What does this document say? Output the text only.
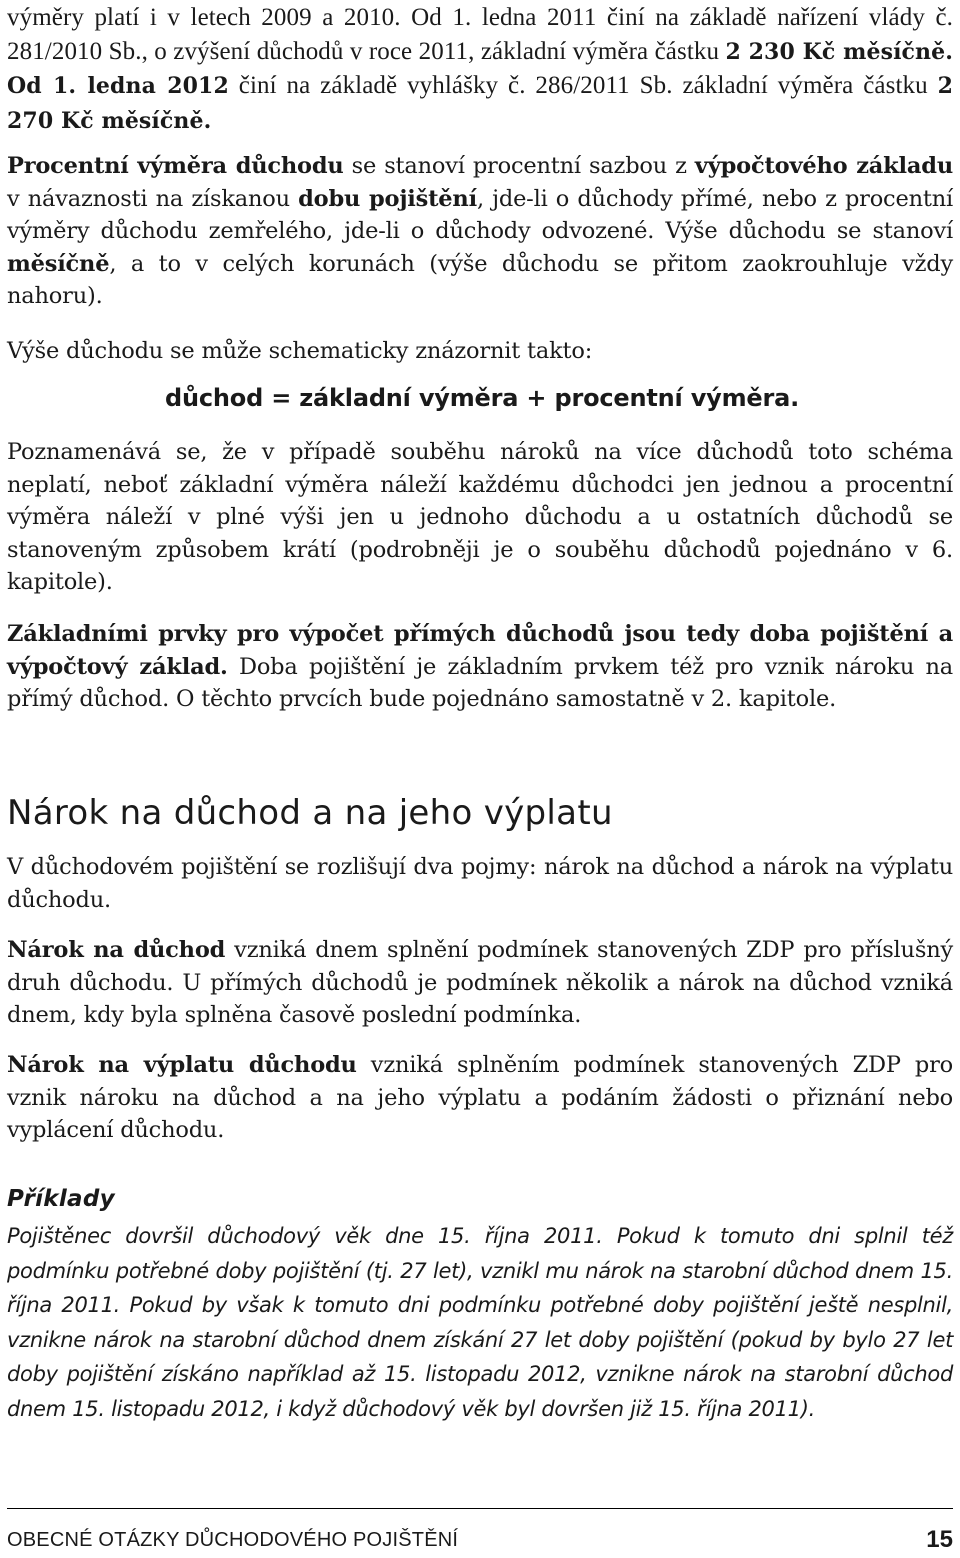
výměry platí i v letech 2009 a 2010. Od 1. ledna 2011 činí na základě nařízení vlády č. 281/2010 Sb., o zvýšení důchodů v roce 2011, základní výměra částku 2 230 Kč měsíčně. Od 1. ledna 2012 činí na základě vyhlášky č. 286/2011 Sb. základní výměra částku 2 270 Kč měsíčně.

Procentní výměra důchodu se stanoví procentní sazbou z výpočtového základu v návaznosti na získanou dobu pojištění, jde-li o důchody přímé, nebo z procentní výměry důchodu zemřelého, jde-li o důchody odvozené. Výše důchodu se stanoví měsíčně, a to v celých korunách (výše důchodu se přitom zaokrouhluje vždy nahoru).

Výše důchodu se může schematicky znázornit takto:

důchod = základní výměra + procentní výměra.

Poznamenává se, že v případě souběhu nároků na více důchodů toto schéma neplatí, neboť základní výměra náleží každému důchodci jen jednou a procentní výměra náleží v plné výši jen u jednoho důchodu a u ostatních důchodů se stanoveným způsobem krátí (podrobněji je o souběhu důchodů pojednáno v 6. kapitole).

Základními prvky pro výpočet přímých důchodů jsou tedy doba pojištění a výpočtový základ. Doba pojištění je základním prvkem též pro vznik nároku na přímý důchod. O těchto prvcích bude pojednáno samostatně v 2. kapitole.

Nárok na důchod a na jeho výplatu

V důchodovém pojištění se rozlišují dva pojmy: nárok na důchod a nárok na výplatu důchodu.

Nárok na důchod vzniká dnem splnění podmínek stanovených ZDP pro příslušný druh důchodu. U přímých důchodů je podmínek několik a nárok na důchod vzniká dnem, kdy byla splněna časově poslední podmínka.

Nárok na výplatu důchodu vzniká splněním podmínek stanovených ZDP pro vznik nároku na důchod a na jeho výplatu a podáním žádosti o přiznání nebo vyplácení důchodu.

Příklady

Pojištěnec dovršil důchodový věk dne 15. října 2011. Pokud k tomuto dni splnil též podmínku potřebné doby pojištění (tj. 27 let), vznikl mu nárok na starobní důchod dnem 15. října 2011. Pokud by však k tomuto dni podmínku potřebné doby pojištění ještě nesplnil, vznikne nárok na starobní důchod dnem získání 27 let doby pojištění (pokud by bylo 27 let doby pojištění získáno například až 15. listopadu 2012, vznikne nárok na starobní důchod dnem 15. listopadu 2012, i když důchodový věk byl dovršen již 15. října 2011).

OBECNÉ OTÁZKY DŮCHODOVÉHO POJIŠTĚNÍ	15
